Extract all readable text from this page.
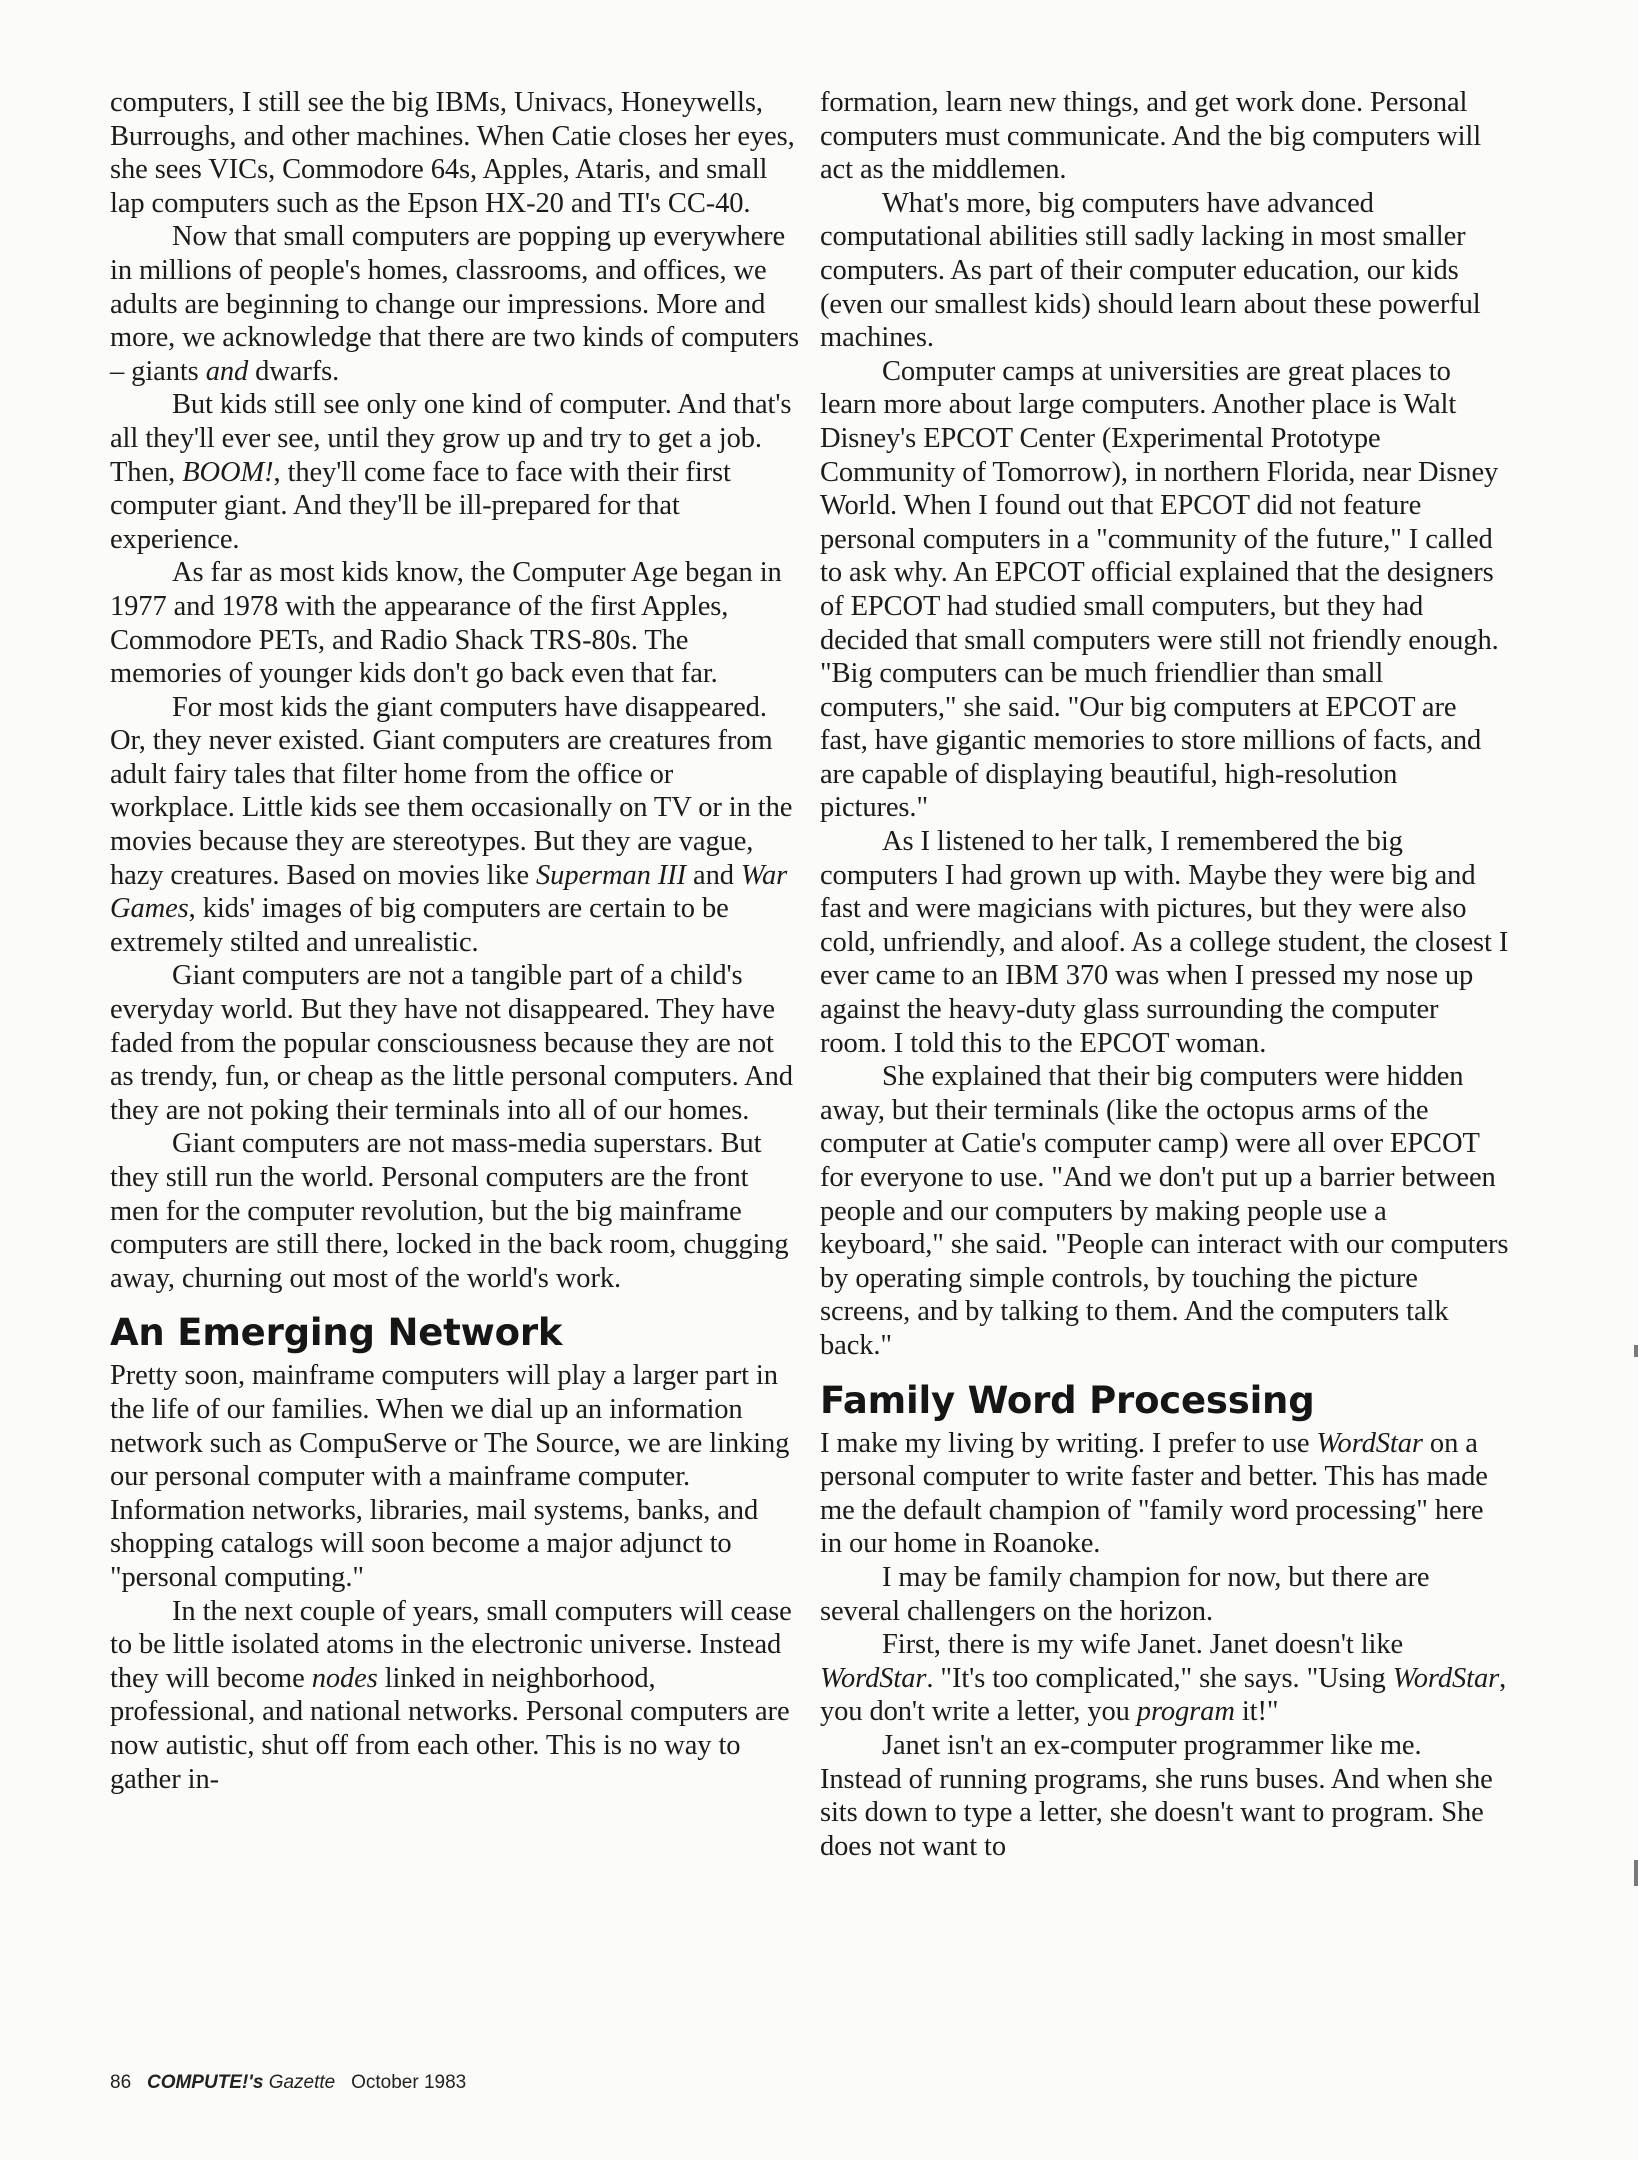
computers, I still see the big IBMs, Univacs, Honeywells, Burroughs, and other machines. When Catie closes her eyes, she sees VICs, Commodore 64s, Apples, Ataris, and small lap computers such as the Epson HX-20 and TI's CC-40.

Now that small computers are popping up everywhere in millions of people's homes, classrooms, and offices, we adults are beginning to change our impressions. More and more, we acknowledge that there are two kinds of computers – giants and dwarfs.

But kids still see only one kind of computer. And that's all they'll ever see, until they grow up and try to get a job. Then, BOOM!, they'll come face to face with their first computer giant. And they'll be ill-prepared for that experience.

As far as most kids know, the Computer Age began in 1977 and 1978 with the appearance of the first Apples, Commodore PETs, and Radio Shack TRS-80s. The memories of younger kids don't go back even that far.

For most kids the giant computers have disappeared. Or, they never existed. Giant computers are creatures from adult fairy tales that filter home from the office or workplace. Little kids see them occasionally on TV or in the movies because they are stereotypes. But they are vague, hazy creatures. Based on movies like Superman III and War Games, kids' images of big computers are certain to be extremely stilted and unrealistic.

Giant computers are not a tangible part of a child's everyday world. But they have not disappeared. They have faded from the popular consciousness because they are not as trendy, fun, or cheap as the little personal computers. And they are not poking their terminals into all of our homes.

Giant computers are not mass-media superstars. But they still run the world. Personal computers are the front men for the computer revolution, but the big mainframe computers are still there, locked in the back room, chugging away, churning out most of the world's work.

An Emerging Network

Pretty soon, mainframe computers will play a larger part in the life of our families. When we dial up an information network such as CompuServe or The Source, we are linking our personal computer with a mainframe computer. Information networks, libraries, mail systems, banks, and shopping catalogs will soon become a major adjunct to "personal computing."

In the next couple of years, small computers will cease to be little isolated atoms in the electronic universe. Instead they will become nodes linked in neighborhood, professional, and national networks. Personal computers are now autistic, shut off from each other. This is no way to gather in-

formation, learn new things, and get work done. Personal computers must communicate. And the big computers will act as the middlemen.

What's more, big computers have advanced computational abilities still sadly lacking in most smaller computers. As part of their computer education, our kids (even our smallest kids) should learn about these powerful machines.

Computer camps at universities are great places to learn more about large computers. Another place is Walt Disney's EPCOT Center (Experimental Prototype Community of Tomorrow), in northern Florida, near Disney World. When I found out that EPCOT did not feature personal computers in a "community of the future," I called to ask why. An EPCOT official explained that the designers of EPCOT had studied small computers, but they had decided that small computers were still not friendly enough. "Big computers can be much friendlier than small computers," she said. "Our big computers at EPCOT are fast, have gigantic memories to store millions of facts, and are capable of displaying beautiful, high-resolution pictures."

As I listened to her talk, I remembered the big computers I had grown up with. Maybe they were big and fast and were magicians with pictures, but they were also cold, unfriendly, and aloof. As a college student, the closest I ever came to an IBM 370 was when I pressed my nose up against the heavy-duty glass surrounding the computer room. I told this to the EPCOT woman.

She explained that their big computers were hidden away, but their terminals (like the octopus arms of the computer at Catie's computer camp) were all over EPCOT for everyone to use. "And we don't put up a barrier between people and our computers by making people use a keyboard," she said. "People can interact with our computers by operating simple controls, by touching the picture screens, and by talking to them. And the computers talk back."

Family Word Processing

I make my living by writing. I prefer to use WordStar on a personal computer to write faster and better. This has made me the default champion of "family word processing" here in our home in Roanoke.

I may be family champion for now, but there are several challengers on the horizon.

First, there is my wife Janet. Janet doesn't like WordStar. "It's too complicated," she says. "Using WordStar, you don't write a letter, you program it!"

Janet isn't an ex-computer programmer like me. Instead of running programs, she runs buses. And when she sits down to type a letter, she doesn't want to program. She does not want to

86 COMPUTE!'s Gazette October 1983
